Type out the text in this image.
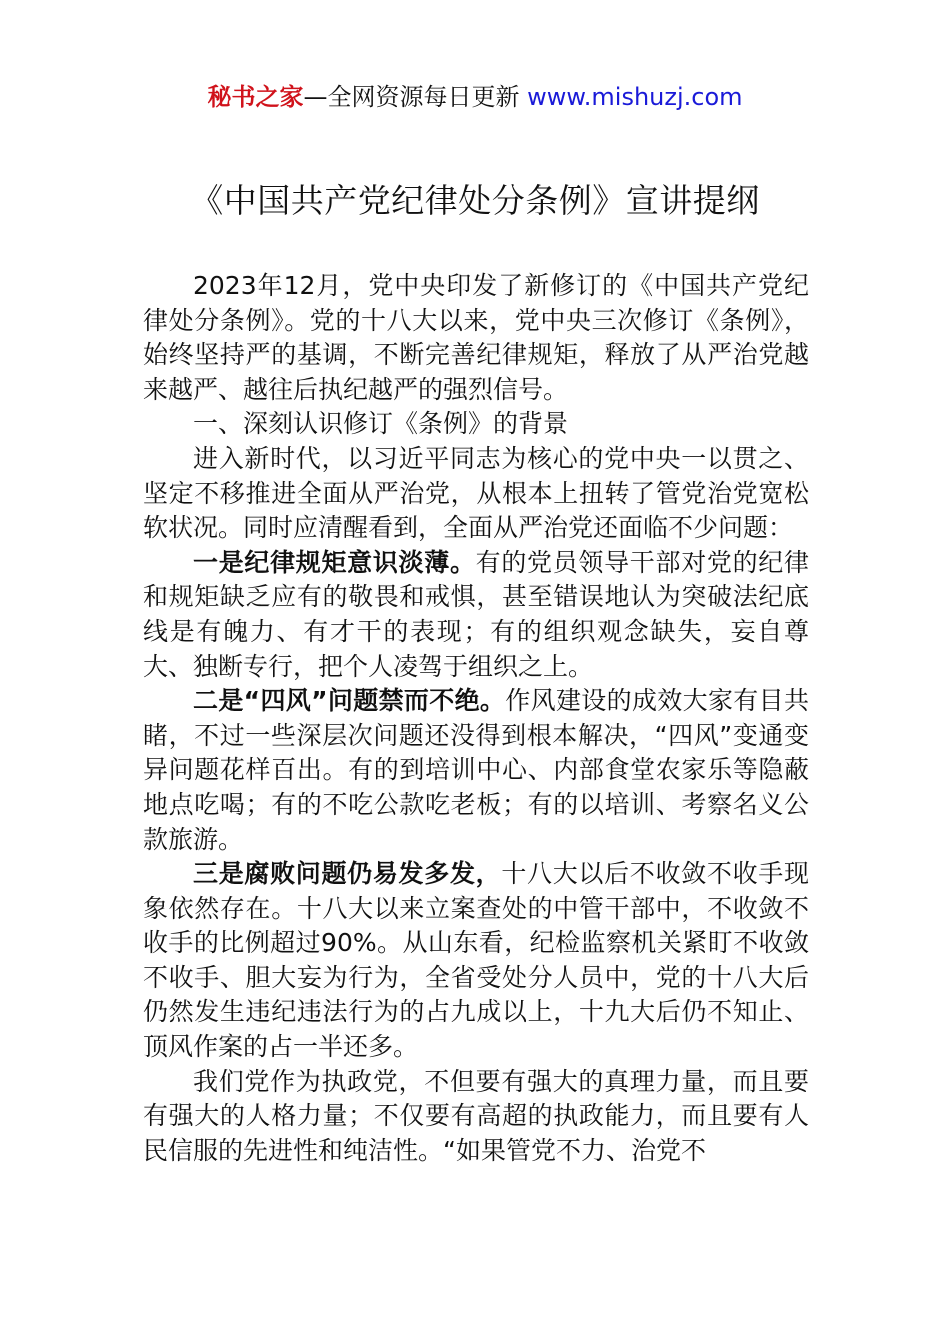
秘书之家—全网资源每日更新 www.mishuzj.com
《中国共产党纪律处分条例》宣讲提纲

2023年12月，党中央印发了新修订的《中国共产党纪律处分条例》。党的十八大以来，党中央三次修订《条例》，始终坚持严的基调，不断完善纪律规矩，释放了从严治党越来越严、越往后执纪越严的强烈信号。

一、深刻认识修订《条例》的背景

进入新时代，以习近平同志为核心的党中央一以贯之、坚定不移推进全面从严治党，从根本上扭转了管党治党宽松软状况。同时应清醒看到，全面从严治党还面临不少问题：

一是纪律规矩意识淡薄。有的党员领导干部对党的纪律和规矩缺乏应有的敬畏和戒惧，甚至错误地认为突破法纪底线是有魄力、有才干的表现；有的组织观念缺失，妄自尊大、独断专行，把个人凌驾于组织之上。

二是“四风”问题禁而不绝。作风建设的成效大家有目共睹，不过一些深层次问题还没得到根本解决，“四风”变通变异问题花样百出。有的到培训中心、内部食堂农家乐等隐蔽地点吃喝；有的不吃公款吃老板；有的以培训、考察名义公款旅游。

三是腐败问题仍易发多发，十八大以后不收敛不收手现象依然存在。十八大以来立案查处的中管干部中，不收敛不收手的比例超过90%。从山东看，纪检监察机关紧盯不收敛不收手、胆大妄为行为，全省受处分人员中，党的十八大后仍然发生违纪违法行为的占九成以上，十九大后仍不知止、顶风作案的占一半还多。

我们党作为执政党，不但要有强大的真理力量，而且要有强大的人格力量；不仅要有高超的执政能力，而且要有人民信服的先进性和纯洁性。“如果管党不力、治党不
